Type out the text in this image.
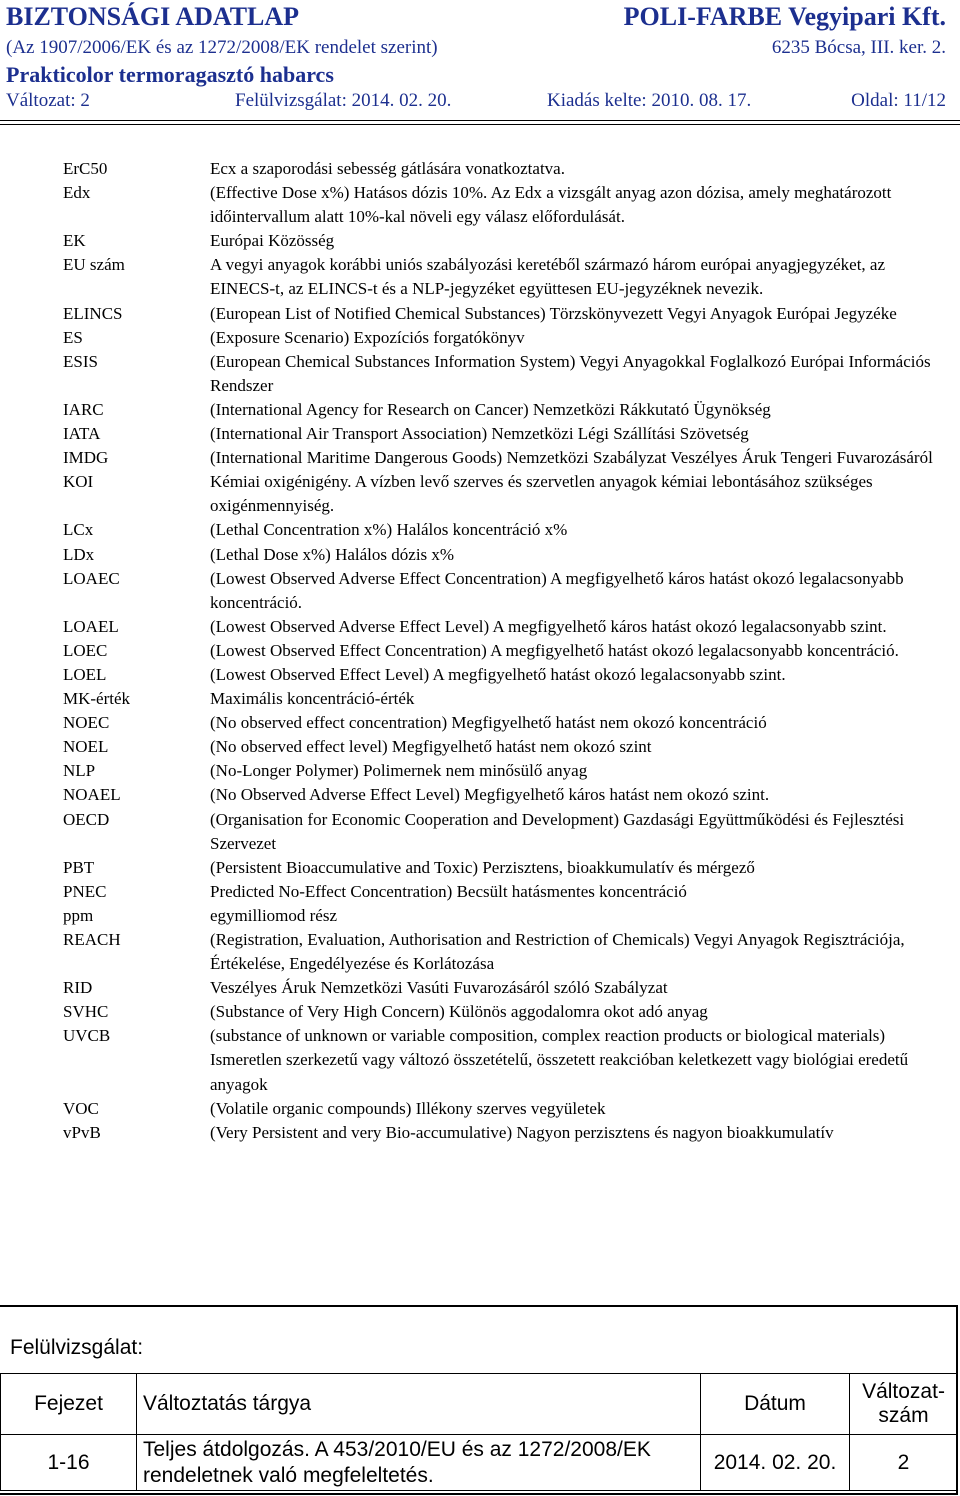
BIZTONSÁGI ADATLAP	POLI-FARBE Vegyipari Kft.
(Az 1907/2006/EK és az 1272/2008/EK rendelet szerint)	6235 Bócsa, III. ker. 2.
Prakticolor termoragasztó habarcs
Változat: 2	Felülvizsgálat: 2014. 02. 20.	Kiadás kelte: 2010. 08. 17.	Oldal: 11/12
ErC50	Ecx a szaporodási sebesség gátlására vonatkoztatva.
Edx	(Effective Dose x%) Hatásos dózis 10%. Az Edx a vizsgált anyag azon dózisa, amely meghatározott időintervallum alatt 10%-kal növeli egy válasz előfordulását.
EK	Európai Közösség
EU szám	A vegyi anyagok korábbi uniós szabályozási keretéből származó három európai anyagjegyzéket, az EINECS-t, az ELINCS-t és a NLP-jegyzéket együttesen EU-jegyzéknek nevezik.
ELINCS	(European List of Notified Chemical Substances) Törzskönyvezett Vegyi Anyagok Európai Jegyzéke
ES	(Exposure Scenario) Expozíciós forgatókönyv
ESIS	(European Chemical Substances Information System) Vegyi Anyagokkal Foglalkozó Európai Információs Rendszer
IARC	(International Agency for Research on Cancer) Nemzetközi Rákkutató Ügynökség
IATA	(International Air Transport Association) Nemzetközi Légi Szállítási Szövetség
IMDG	(International Maritime Dangerous Goods) Nemzetközi Szabályzat Veszélyes Áruk Tengeri Fuvarozásáról
KOI	Kémiai oxigénigény. A vízben levő szerves és szervetlen anyagok kémiai lebontásához szükséges oxigénmennyiség.
LCx	(Lethal Concentration x%) Halálos koncentráció x%
LDx	(Lethal Dose x%) Halálos dózis x%
LOAEC	(Lowest Observed Adverse Effect Concentration) A megfigyelhető káros hatást okozó legalacsonyabb koncentráció.
LOAEL	(Lowest Observed Adverse Effect Level) A megfigyelhető káros hatást okozó legalacsonyabb szint.
LOEC	(Lowest Observed Effect Concentration) A megfigyelhető hatást okozó legalacsonyabb koncentráció.
LOEL	(Lowest Observed Effect Level) A megfigyelhető hatást okozó legalacsonyabb szint.
MK-érték	Maximális koncentráció-érték
NOEC	(No observed effect concentration) Megfigyelhető hatást nem okozó koncentráció
NOEL	(No observed effect level) Megfigyelhető hatást nem okozó szint
NLP	(No-Longer Polymer) Polimernek nem minősülő anyag
NOAEL	(No Observed Adverse Effect Level) Megfigyelhető káros hatást nem okozó szint.
OECD	(Organisation for Economic Cooperation and Development) Gazdasági Együttműködési és Fejlesztési Szervezet
PBT	(Persistent Bioaccumulative and Toxic) Perzisztens, bioakkumulatív és mérgező
PNEC	Predicted No-Effect Concentration) Becsült hatásmentes koncentráció
ppm	egymilliomod rész
REACH	(Registration, Evaluation, Authorisation and Restriction of Chemicals) Vegyi Anyagok Regisztrációja, Értékelése, Engedélyezése és Korlátozása
RID	Veszélyes Áruk Nemzetközi Vasúti Fuvarozásáról szóló Szabályzat
SVHC	(Substance of Very High Concern) Különös aggodalomra okot adó anyag
UVCB	(substance of unknown or variable composition, complex reaction products or biological materials) Ismeretlen szerkezetű vagy változó összetételű, összetett reakcióban keletkezett vagy biológiai eredetű anyagok
VOC	(Volatile organic compounds) Illékony szerves vegyületek
vPvB	(Very Persistent and very Bio-accumulative) Nagyon perzisztens és nagyon bioakkumulatív
Felülvizsgálat:
Fejezet	Változtatás tárgya	Dátum	Változat-szám
1-16	Teljes átdolgozás. A 453/2010/EU és az 1272/2008/EK rendeletnek való megfeleltetés.	2014. 02. 20.	2
